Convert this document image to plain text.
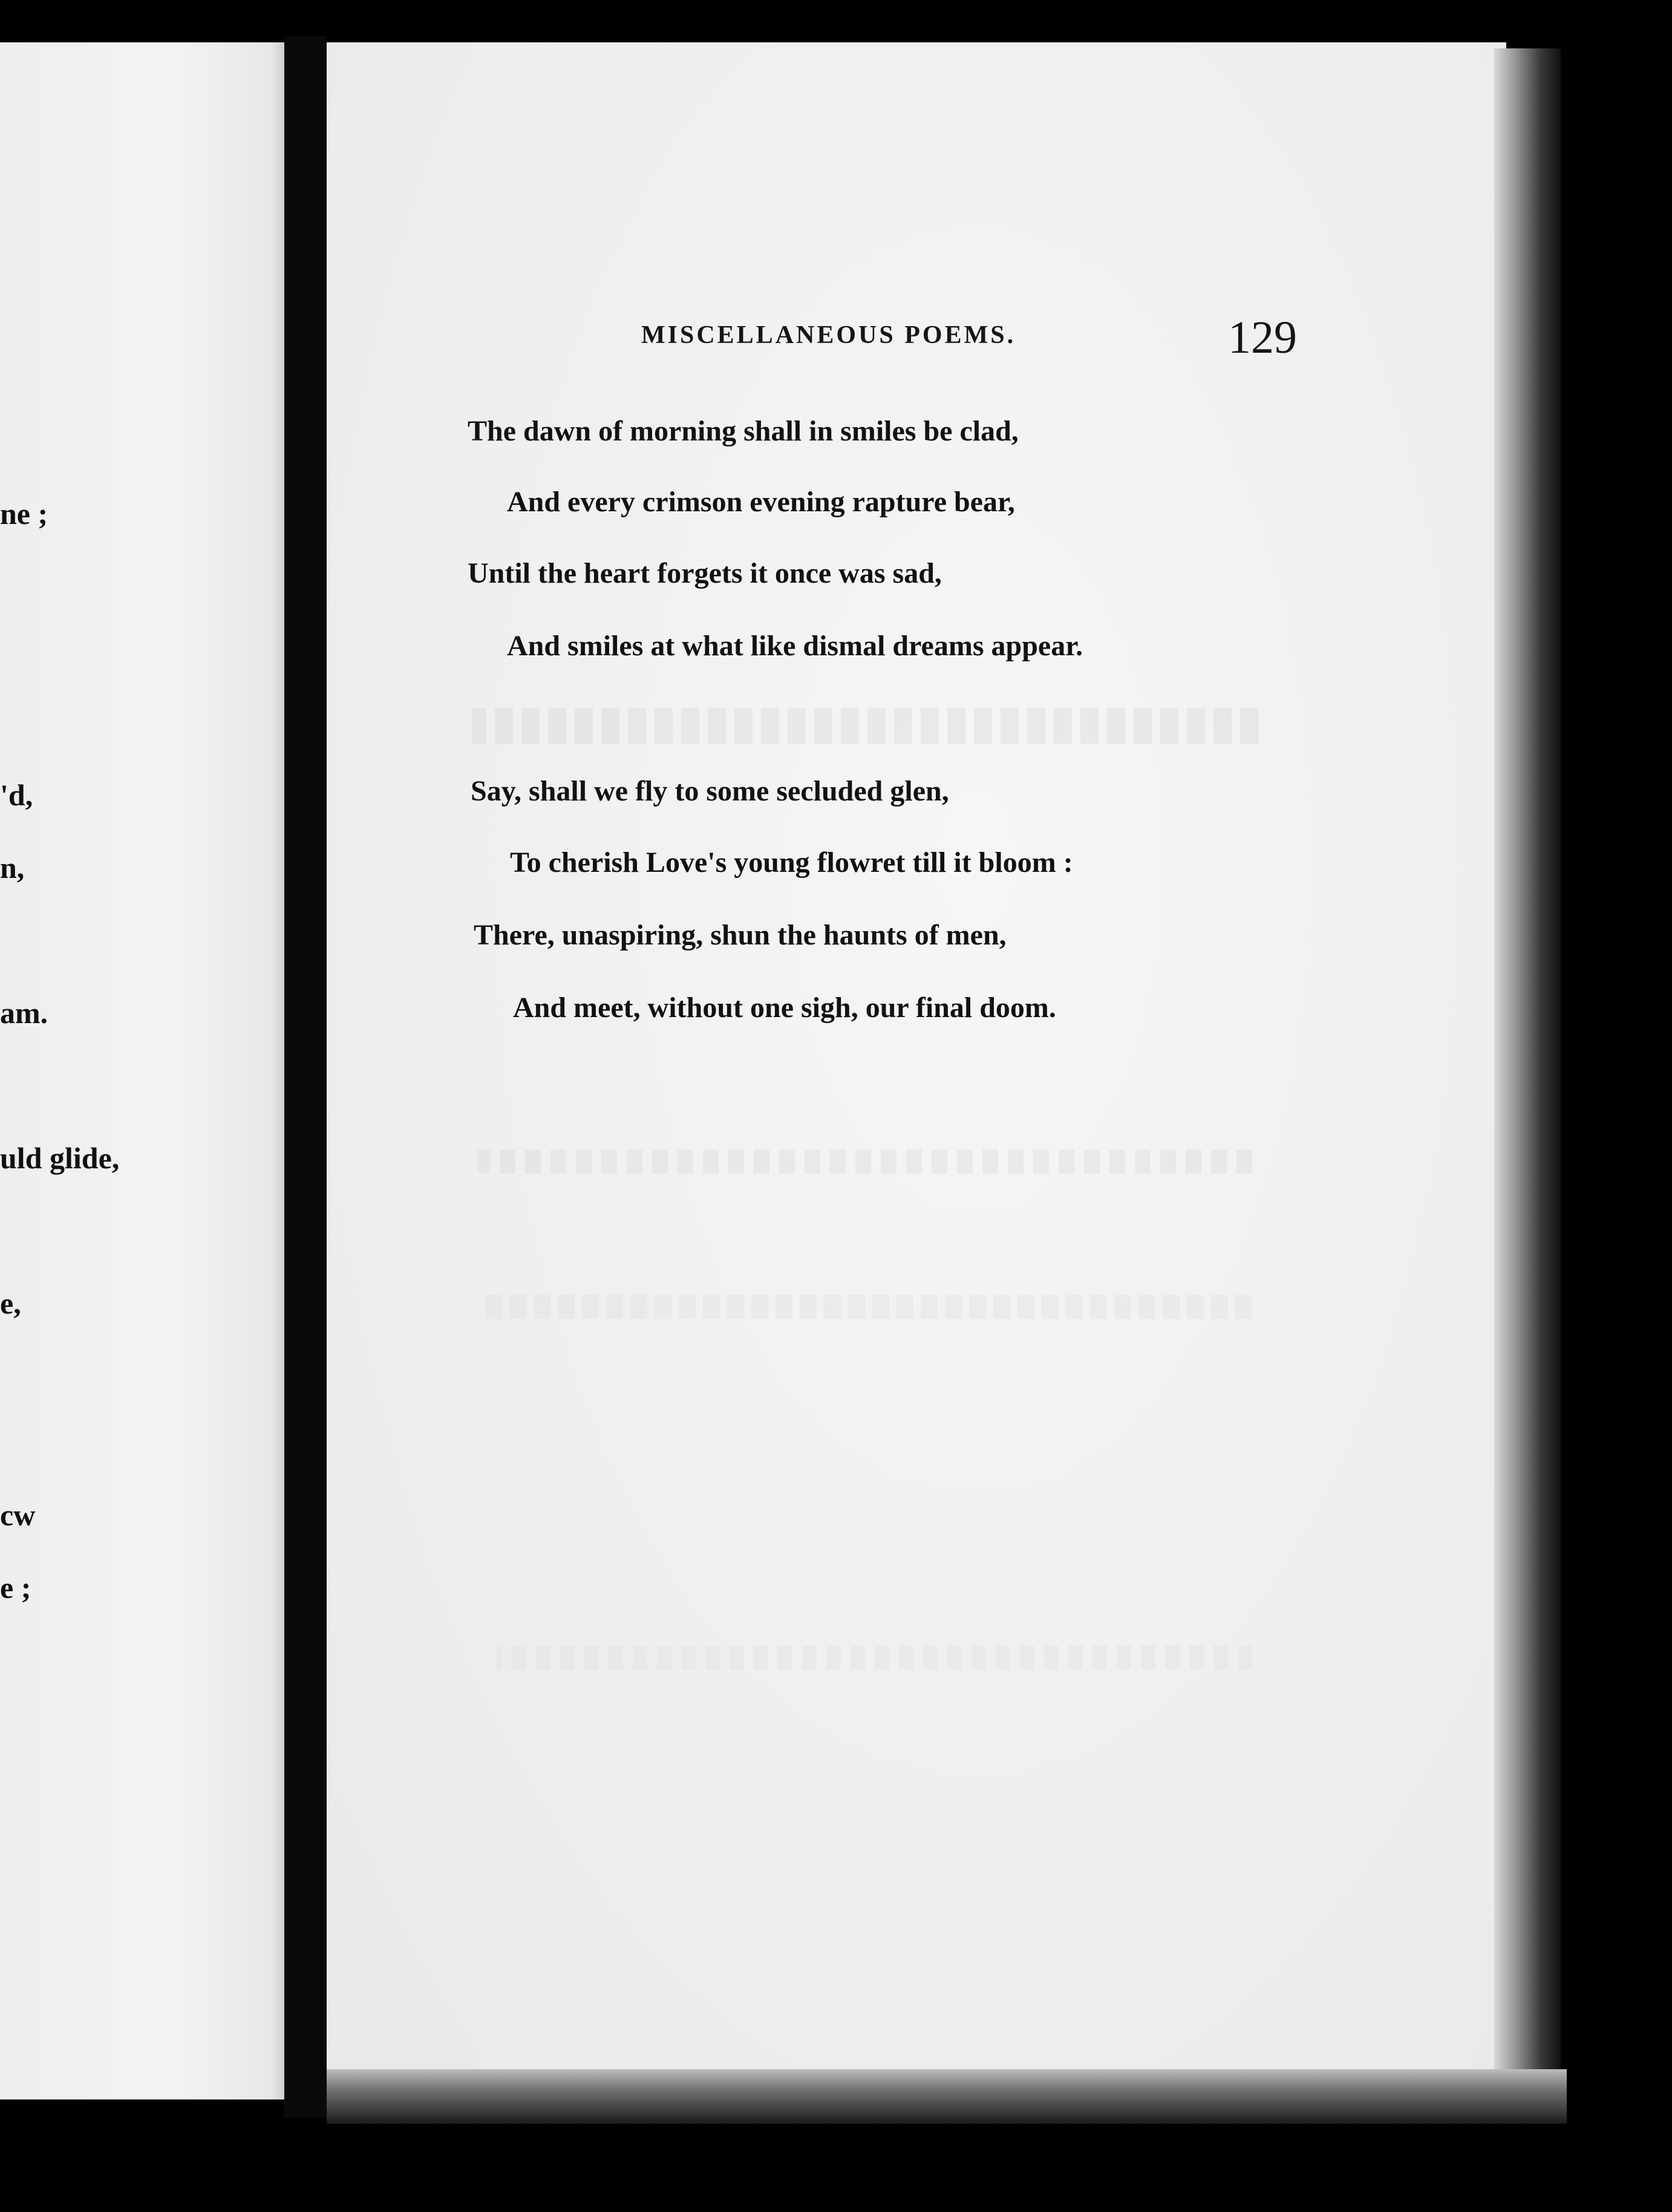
ne ;
'd,
n,
am.
uld glide,
e,
cw
e ;
MISCELLANEOUS POEMS.	129
The dawn of morning shall in smiles be clad,
And every crimson evening rapture bear,
Until the heart forgets it once was sad,
And smiles at what like dismal dreams appear.
Say, shall we fly to some secluded glen,
To cherish Love's young flowret till it bloom :
There, unaspiring, shun the haunts of men,
And meet, without one sigh, our final doom.
